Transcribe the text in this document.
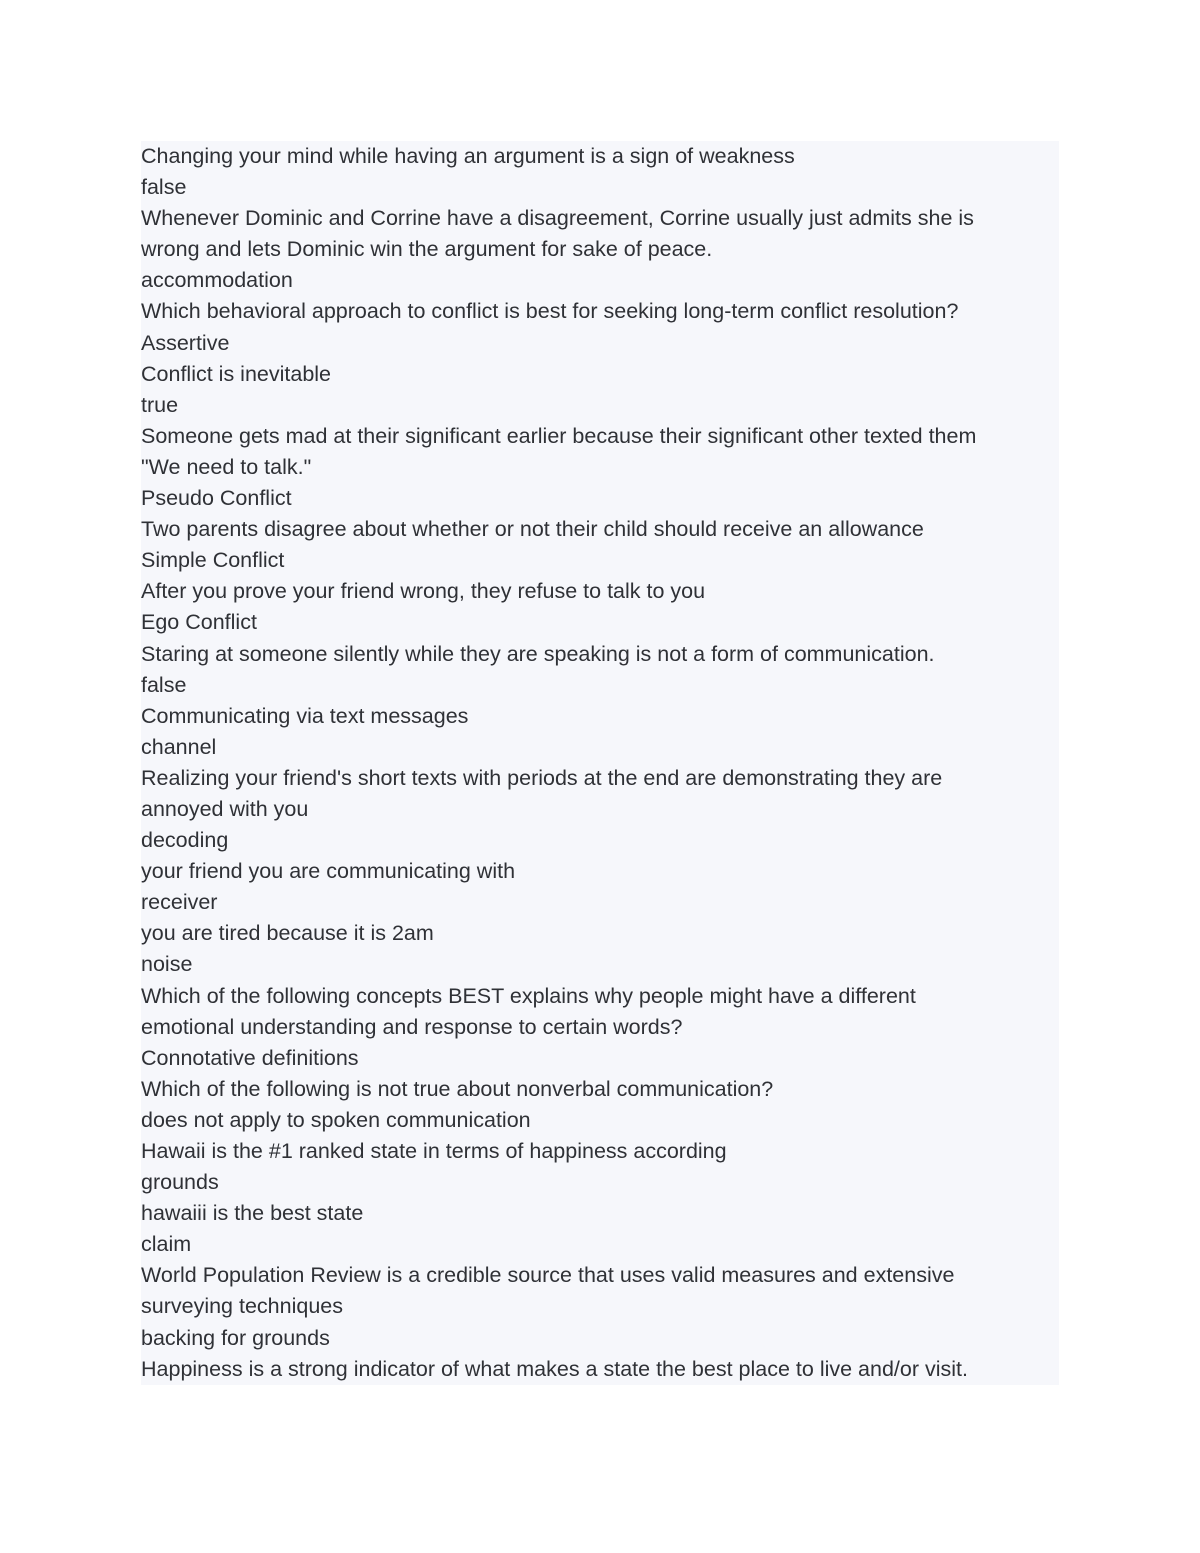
Changing your mind while having an argument is a sign of weakness
false
Whenever Dominic and Corrine have a disagreement, Corrine usually just admits she is
wrong and lets Dominic win the argument for sake of peace.
accommodation
Which behavioral approach to conflict is best for seeking long-term conflict resolution?
Assertive
Conflict is inevitable
true
Someone gets mad at their significant earlier because their significant other texted them
"We need to talk."
Pseudo Conflict
Two parents disagree about whether or not their child should receive an allowance
Simple Conflict
After you prove your friend wrong, they refuse to talk to you
Ego Conflict
Staring at someone silently while they are speaking is not a form of communication.
false
Communicating via text messages
channel
Realizing your friend's short texts with periods at the end are demonstrating they are
annoyed with you
decoding
your friend you are communicating with
receiver
you are tired because it is 2am
noise
Which of the following concepts BEST explains why people might have a different
emotional understanding and response to certain words?
Connotative definitions
Which of the following is not true about nonverbal communication?
does not apply to spoken communication
Hawaii is the #1 ranked state in terms of happiness according
grounds
hawaiii is the best state
claim
World Population Review is a credible source that uses valid measures and extensive
surveying techniques
backing for grounds
Happiness is a strong indicator of what makes a state the best place to live and/or visit.
